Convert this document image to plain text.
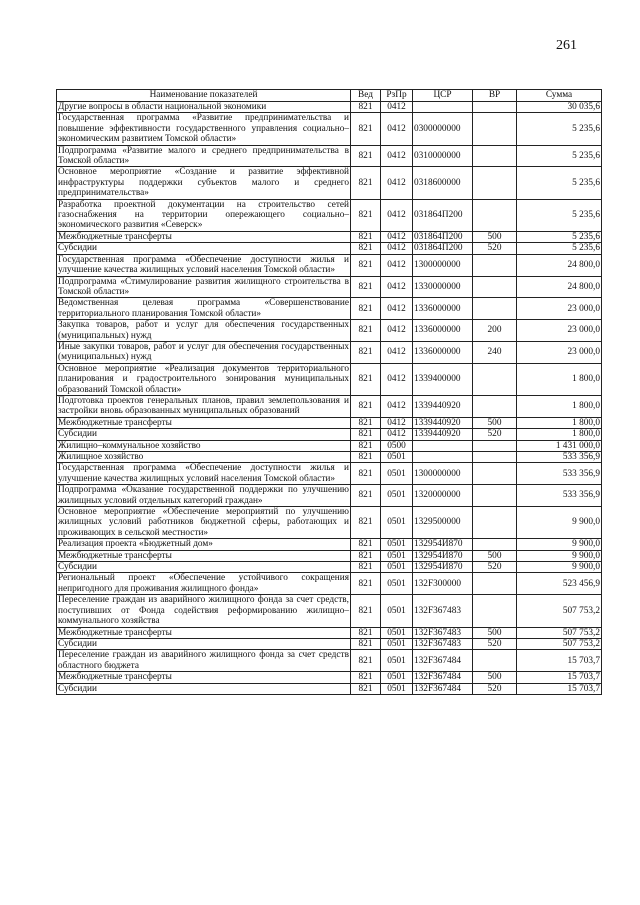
261
Наименование показателей	Вед	РзПр	ЦСР	ВР	Сумма
Другие вопросы в области национальной экономики	821	0412			30 035,6
Государственная программа «Развитие предпринимательства и повышение эффективности государственного управления социально–экономическим развитием Томской области»	821	0412	0300000000		5 235,6
Подпрограмма «Развитие малого и среднего предпринимательства в Томской области»	821	0412	0310000000		5 235,6
Основное мероприятие «Создание и развитие эффективной инфраструктуры поддержки субъектов малого и среднего предпринимательства»	821	0412	0318600000		5 235,6
Разработка проектной документации на строительство сетей газоснабжения на территории опережающего социально–экономического развития «Северск»	821	0412	031864П200		5 235,6
Межбюджетные трансферты	821	0412	031864П200	500	5 235,6
Субсидии	821	0412	031864П200	520	5 235,6
Государственная программа «Обеспечение доступности жилья и улучшение качества жилищных условий населения Томской области»	821	0412	1300000000		24 800,0
Подпрограмма «Стимулирование развития жилищного строительства в Томской области»	821	0412	1330000000		24 800,0
Ведомственная целевая программа «Совершенствование территориального планирования Томской области»	821	0412	1336000000		23 000,0
Закупка товаров, работ и услуг для обеспечения государственных (муниципальных) нужд	821	0412	1336000000	200	23 000,0
Иные закупки товаров, работ и услуг для обеспечения государственных (муниципальных) нужд	821	0412	1336000000	240	23 000,0
Основное мероприятие «Реализация документов территориального планирования и градостроительного зонирования муниципальных образований Томской области»	821	0412	1339400000		1 800,0
Подготовка проектов генеральных планов, правил землепользования и застройки вновь образованных муниципальных образований	821	0412	1339440920		1 800,0
Межбюджетные трансферты	821	0412	1339440920	500	1 800,0
Субсидии	821	0412	1339440920	520	1 800,0
Жилищно–коммунальное хозяйство	821	0500			1 431 000,0
Жилищное хозяйство	821	0501			533 356,9
Государственная программа «Обеспечение доступности жилья и улучшение качества жилищных условий населения Томской области»	821	0501	1300000000		533 356,9
Подпрограмма «Оказание государственной поддержки по улучшению жилищных условий отдельных категорий граждан»	821	0501	1320000000		533 356,9
Основное мероприятие «Обеспечение мероприятий по улучшению жилищных условий работников бюджетной сферы, работающих и проживающих в сельской местности»	821	0501	1329500000		9 900,0
Реализация проекта «Бюджетный дом»	821	0501	132954И870		9 900,0
Межбюджетные трансферты	821	0501	132954И870	500	9 900,0
Субсидии	821	0501	132954И870	520	9 900,0
Региональный проект «Обеспечение устойчивого сокращения непригодного для проживания жилищного фонда»	821	0501	132F300000		523 456,9
Переселение граждан из аварийного жилищного фонда за счет средств, поступивших от Фонда содействия реформированию жилищно–коммунального хозяйства	821	0501	132F367483		507 753,2
Межбюджетные трансферты	821	0501	132F367483	500	507 753,2
Субсидии	821	0501	132F367483	520	507 753,2
Переселение граждан из аварийного жилищного фонда за счет средств областного бюджета	821	0501	132F367484		15 703,7
Межбюджетные трансферты	821	0501	132F367484	500	15 703,7
Субсидии	821	0501	132F367484	520	15 703,7
